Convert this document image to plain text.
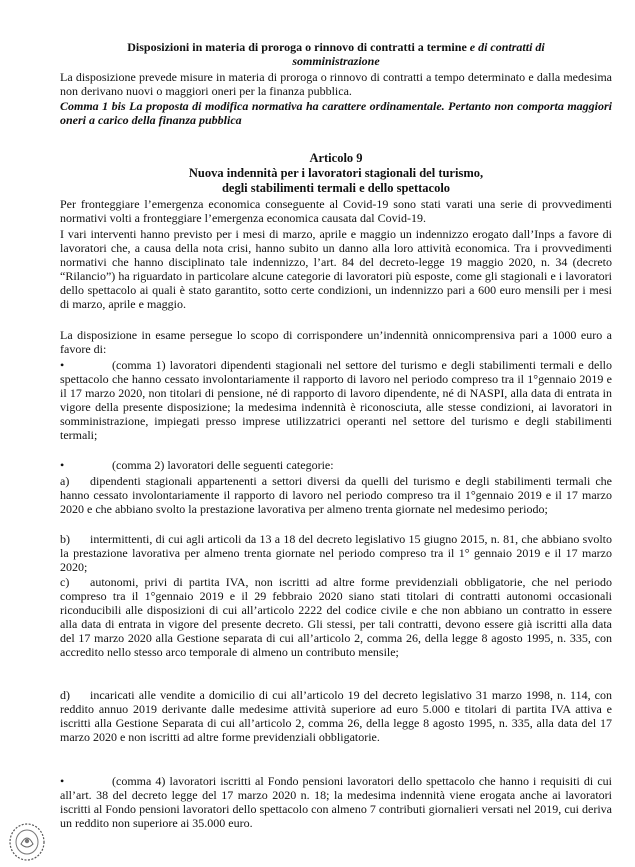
Disposizioni in materia di proroga o rinnovo di contratti a termine e di contratti di
somministrazione

La disposizione prevede misure in materia di proroga o rinnovo di contratti a tempo determinato e dalla medesima non derivano nuovi o maggiori oneri per la finanza pubblica.

Comma 1 bis La proposta di modifica normativa ha carattere ordinamentale. Pertanto non comporta maggiori oneri a carico della finanza pubblica

Articolo 9

Nuova indennità per i lavoratori stagionali del turismo,

degli stabilimenti termali e dello spettacolo

Per fronteggiare l’emergenza economica conseguente al Covid-19 sono stati varati una serie di provvedimenti normativi volti a fronteggiare l’emergenza economica causata dal Covid-19.

I vari interventi hanno previsto per i mesi di marzo, aprile e maggio un indennizzo erogato dall’Inps a favore di lavoratori che, a causa della nota crisi, hanno subito un danno alla loro attività economica. Tra i provvedimenti normativi che hanno disciplinato tale indennizzo, l’art. 84 del decreto-legge 19 maggio 2020, n. 34 (decreto “Rilancio”) ha riguardato in particolare alcune categorie di lavoratori più esposte, come gli stagionali e i lavoratori dello spettacolo ai quali è stato garantito, sotto certe condizioni, un indennizzo pari a 600 euro mensili per i mesi di marzo, aprile e maggio.

La disposizione in esame persegue lo scopo di corrispondere un’indennità onnicomprensiva pari a 1000 euro a favore di:

•	(comma 1) lavoratori dipendenti stagionali nel settore del turismo e degli stabilimenti termali e dello spettacolo che hanno cessato involontariamente il rapporto di lavoro nel periodo compreso tra il 1°gennaio 2019 e il 17 marzo 2020, non titolari di pensione, né di rapporto di lavoro dipendente, né di NASPI, alla data di entrata in vigore della presente disposizione; la medesima indennità è riconosciuta, alle stesse condizioni, ai lavoratori in somministrazione, impiegati presso imprese utilizzatrici operanti nel settore del turismo e degli stabilimenti termali;

•	(comma 2) lavoratori delle seguenti categorie:

a) dipendenti stagionali appartenenti a settori diversi da quelli del turismo e degli stabilimenti termali che hanno cessato involontariamente il rapporto di lavoro nel periodo compreso tra il 1°gennaio 2019 e il 17 marzo 2020 e che abbiano svolto la prestazione lavorativa per almeno trenta giornate nel medesimo periodo;

b) intermittenti, di cui agli articoli da 13 a 18 del decreto legislativo 15 giugno 2015, n. 81, che abbiano svolto la prestazione lavorativa per almeno trenta giornate nel periodo compreso tra il 1° gennaio 2019 e il 17 marzo 2020;

c) autonomi, privi di partita IVA, non iscritti ad altre forme previdenziali obbligatorie, che nel periodo compreso tra il 1°gennaio 2019 e il 29 febbraio 2020 siano stati titolari di contratti autonomi occasionali riconducibili alle disposizioni di cui all’articolo 2222 del codice civile e che non abbiano un contratto in essere alla data di entrata in vigore del presente decreto. Gli stessi, per tali contratti, devono essere già iscritti alla data del 17 marzo 2020 alla Gestione separata di cui all’articolo 2, comma 26, della legge 8 agosto 1995, n. 335, con accredito nello stesso arco temporale di almeno un contributo mensile;

d) incaricati alle vendite a domicilio di cui all’articolo 19 del decreto legislativo 31 marzo 1998, n. 114, con reddito annuo 2019 derivante dalle medesime attività superiore ad euro 5.000 e titolari di partita IVA attiva e iscritti alla Gestione Separata di cui all’articolo 2, comma 26, della legge 8 agosto 1995, n. 335, alla data del 17 marzo 2020 e non iscritti ad altre forme previdenziali obbligatorie.

•	(comma 4) lavoratori iscritti al Fondo pensioni lavoratori dello spettacolo che hanno i requisiti di cui all’art. 38 del decreto legge del 17 marzo 2020 n. 18; la medesima indennità viene erogata anche ai lavoratori iscritti al Fondo pensioni lavoratori dello spettacolo con almeno 7 contributi giornalieri versati nel 2019, cui deriva un reddito non superiore ai 35.000 euro.
